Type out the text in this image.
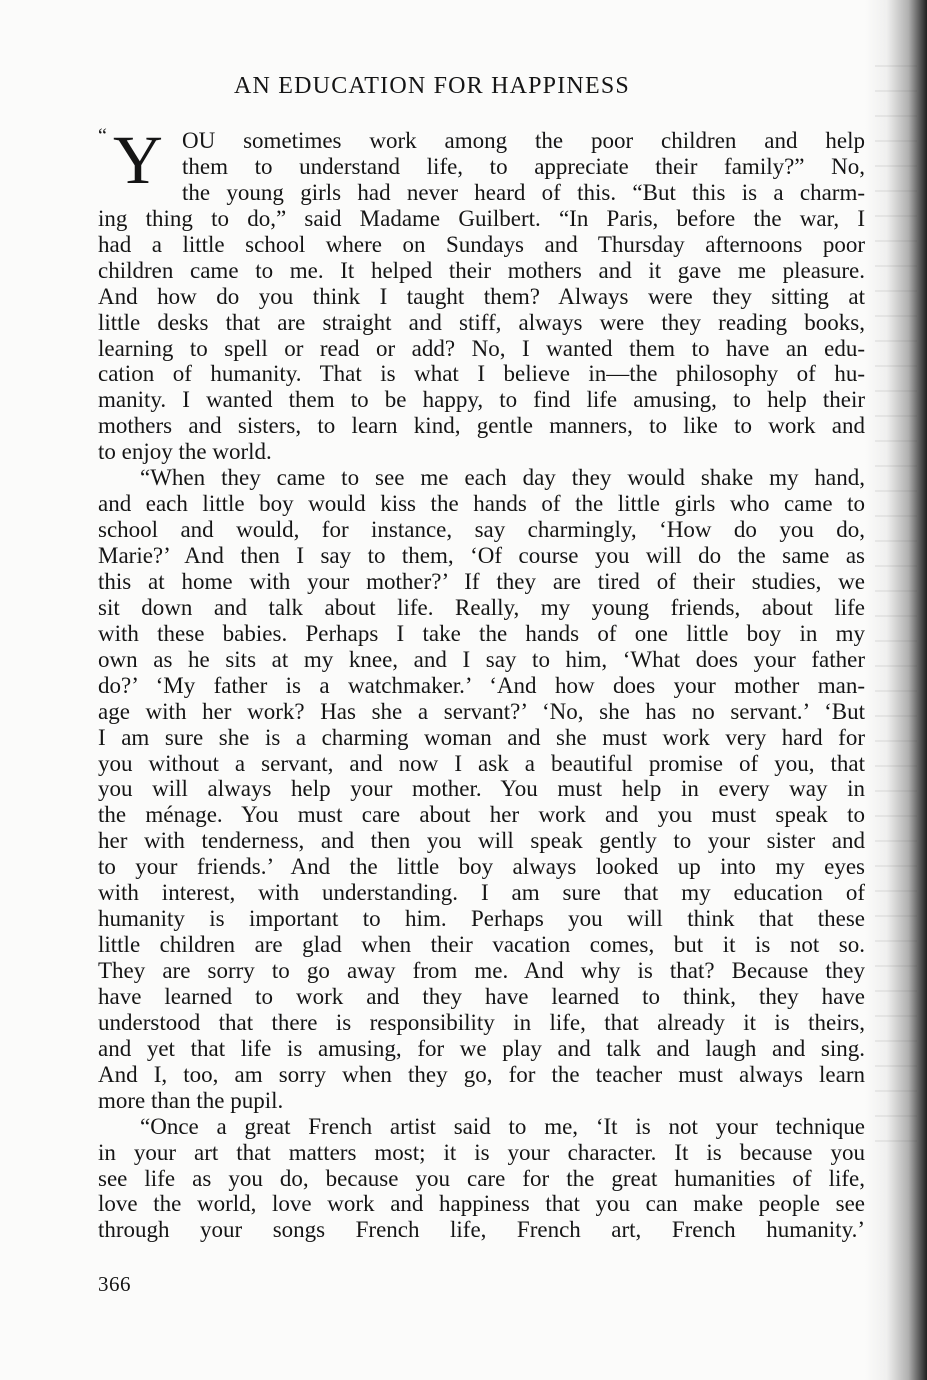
AN EDUCATION FOR HAPPINESS
“ Y OU sometimes work among the poor children and help
them to understand life, to appreciate their family?” No,
the young girls had never heard of this. “But this is a charm-
ing thing to do,” said Madame Guilbert. “In Paris, before the war, I
had a little school where on Sundays and Thursday afternoons poor
children came to me. It helped their mothers and it gave me pleasure.
And how do you think I taught them? Always were they sitting at
little desks that are straight and stiff, always were they reading books,
learning to spell or read or add? No, I wanted them to have an edu-
cation of humanity. That is what I believe in—the philosophy of hu-
manity. I wanted them to be happy, to find life amusing, to help their
mothers and sisters, to learn kind, gentle manners, to like to work and
to enjoy the world.
“When they came to see me each day they would shake my hand,
and each little boy would kiss the hands of the little girls who came to
school and would, for instance, say charmingly, ‘How do you do,
Marie?’ And then I say to them, ‘Of course you will do the same as
this at home with your mother?’ If they are tired of their studies, we
sit down and talk about life. Really, my young friends, about life
with these babies. Perhaps I take the hands of one little boy in my
own as he sits at my knee, and I say to him, ‘What does your father
do?’ ‘My father is a watchmaker.’ ‘And how does your mother man-
age with her work? Has she a servant?’ ‘No, she has no servant.’ ‘But
I am sure she is a charming woman and she must work very hard for
you without a servant, and now I ask a beautiful promise of you, that
you will always help your mother. You must help in every way in
the ménage. You must care about her work and you must speak to
her with tenderness, and then you will speak gently to your sister and
to your friends.’ And the little boy always looked up into my eyes
with interest, with understanding. I am sure that my education of
humanity is important to him. Perhaps you will think that these
little children are glad when their vacation comes, but it is not so.
They are sorry to go away from me. And why is that? Because they
have learned to work and they have learned to think, they have
understood that there is responsibility in life, that already it is theirs,
and yet that life is amusing, for we play and talk and laugh and sing.
And I, too, am sorry when they go, for the teacher must always learn
more than the pupil.
“Once a great French artist said to me, ‘It is not your technique
in your art that matters most; it is your character. It is because you
see life as you do, because you care for the great humanities of life,
love the world, love work and happiness that you can make people see
through your songs French life, French art, French humanity.’
366
